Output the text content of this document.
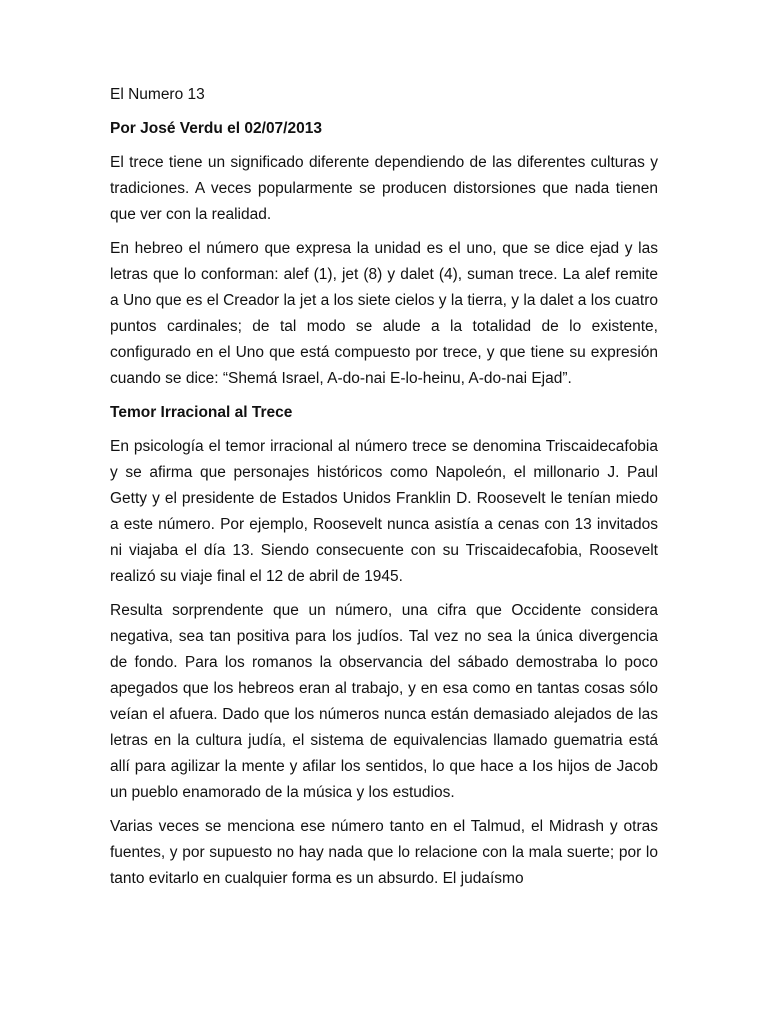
El Numero 13
Por José Verdu el 02/07/2013

El trece tiene un significado diferente dependiendo de las diferentes culturas y tradiciones. A veces popularmente se producen distorsiones que nada tienen que ver con la realidad.

En hebreo el número que expresa la unidad es el uno, que se dice ejad y las letras que lo conforman: alef (1), jet (8) y dalet (4), suman trece. La alef remite a Uno que es el Creador la jet a los siete cielos y la tierra, y la dalet a los cuatro puntos cardinales; de tal modo se alude a la totalidad de lo existente, configurado en el Uno que está compuesto por trece, y que tiene su expresión cuando se dice: “Shemá Israel, A-do-nai E-lo-heinu, A-do-nai Ejad”.

Temor Irracional al Trece

En psicología el temor irracional al número trece se denomina Triscaidecafobia y se afirma que personajes históricos como Napoleón, el millonario J. Paul Getty y el presidente de Estados Unidos Franklin D. Roosevelt le tenían miedo a este número. Por ejemplo, Roosevelt nunca asistía a cenas con 13 invitados ni viajaba el día 13. Siendo consecuente con su Triscaidecafobia, Roosevelt realizó su viaje final el 12 de abril de 1945.

Resulta sorprendente que un número, una cifra que Occidente considera negativa, sea tan positiva para los judíos. Tal vez no sea la única divergencia de fondo. Para los romanos la observancia del sábado demostraba lo poco apegados que los hebreos eran al trabajo, y en esa como en tantas cosas sólo veían el afuera. Dado que los números nunca están demasiado alejados de las letras en la cultura judía, el sistema de equivalencias llamado guematria está allí para agilizar la mente y afilar los sentidos, lo que hace a Ios hijos de Jacob un pueblo enamorado de la música y los estudios.

Varias veces se menciona ese número tanto en el Talmud, el Midrash y otras fuentes, y por supuesto no hay nada que lo relacione con la mala suerte; por lo tanto evitarlo en cualquier forma es un absurdo. El judaísmo
